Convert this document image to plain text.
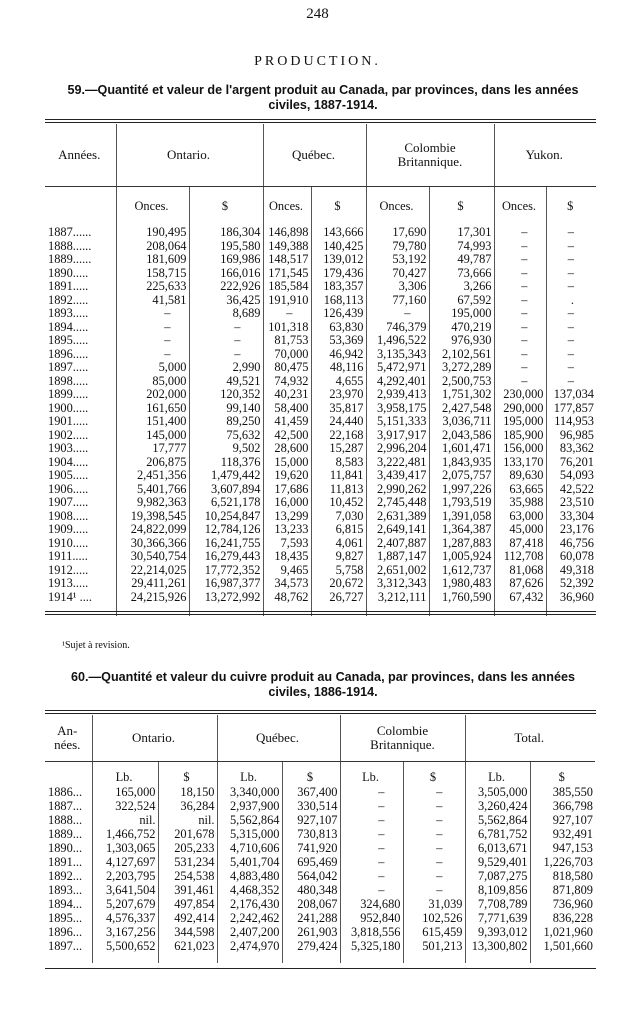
248
PRODUCTION.
59.—Quantité et valeur de l'argent produit au Canada, par provinces, dans les années civiles, 1887-1914.
Années.	Ontario.		Québec.		Colombie Britannique.		Yukon.	
	Onces.	$	Onces.	$	Onces.	$	Onces.	$
1887......	190,495	186,304	146,898	143,666	17,690	17,301	–	–
1888......	208,064	195,580	149,388	140,425	79,780	74,993	–	–
1889......	181,609	169,986	148,517	139,012	53,192	49,787	–	–
1890.....	158,715	166,016	171,545	179,436	70,427	73,666	–	–
1891.....	225,633	222,926	185,584	183,357	3,306	3,266	–	–
1892.....	41,581	36,425	191,910	168,113	77,160	67,592	–	.
1893.....	–	8,689	–	126,439	–	195,000	–	–
1894.....	–	–	101,318	63,830	746,379	470,219	–	–
1895.....	–	–	81,753	53,369	1,496,522	976,930	–	–
1896.....	–	–	70,000	46,942	3,135,343	2,102,561	–	–
1897.....	5,000	2,990	80,475	48,116	5,472,971	3,272,289	–	–
1898.....	85,000	49,521	74,932	4,655	4,292,401	2,500,753	–	–
1899.....	202,000	120,352	40,231	23,970	2,939,413	1,751,302	230,000	137,034
1900.....	161,650	99,140	58,400	35,817	3,958,175	2,427,548	290,000	177,857
1901.....	151,400	89,250	41,459	24,440	5,151,333	3,036,711	195,000	114,953
1902.....	145,000	75,632	42,500	22,168	3,917,917	2,043,586	185,900	96,985
1903.....	17,777	9,502	28,600	15,287	2,996,204	1,601,471	156,000	83,362
1904.....	206,875	118,376	15,000	8,583	3,222,481	1,843,935	133,170	76,201
1905.....	2,451,356	1,479,442	19,620	11,841	3,439,417	2,075,757	89,630	54,093
1906.....	5,401,766	3,607,894	17,686	11,813	2,990,262	1,997,226	63,665	42,522
1907.....	9,982,363	6,521,178	16,000	10,452	2,745,448	1,793,519	35,988	23,510
1908.....	19,398,545	10,254,847	13,299	7,030	2,631,389	1,391,058	63,000	33,304
1909.....	24,822,099	12,784,126	13,233	6,815	2,649,141	1,364,387	45,000	23,176
1910.....	30,366,366	16,241,755	7,593	4,061	2,407,887	1,287,883	87,418	46,756
1911.....	30,540,754	16,279,443	18,435	9,827	1,887,147	1,005,924	112,708	60,078
1912.....	22,214,025	17,772,352	9,465	5,758	2,651,002	1,612,737	81,068	49,318
1913.....	29,411,261	16,987,377	34,573	20,672	3,312,343	1,980,483	87,626	52,392
1914¹ ....	24,215,926	13,272,992	48,762	26,727	3,212,111	1,760,590	67,432	36,960

¹Sujet à revision.
60.—Quantité et valeur du cuivre produit au Canada, par provinces, dans les années civiles, 1886-1914.
An-nées.	Ontario.		Québec.		Colombie Britannique.		Total.	
	Lb.	$	Lb.	$	Lb.	$	Lb.	$
1886...	165,000	18,150	3,340,000	367,400	–	–	3,505,000	385,550
1887...	322,524	36,284	2,937,900	330,514	–	–	3,260,424	366,798
1888...	nil.	nil.	5,562,864	927,107	–	–	5,562,864	927,107
1889...	1,466,752	201,678	5,315,000	730,813	–	–	6,781,752	932,491
1890...	1,303,065	205,233	4,710,606	741,920	–	–	6,013,671	947,153
1891...	4,127,697	531,234	5,401,704	695,469	–	–	9,529,401	1,226,703
1892...	2,203,795	254,538	4,883,480	564,042	–	–	7,087,275	818,580
1893...	3,641,504	391,461	4,468,352	480,348	–	–	8,109,856	871,809
1894...	5,207,679	497,854	2,176,430	208,067	324,680	31,039	7,708,789	736,960
1895...	4,576,337	492,414	2,242,462	241,288	952,840	102,526	7,771,639	836,228
1896...	3,167,256	344,598	2,407,200	261,903	3,818,556	615,459	9,393,012	1,021,960
1897...	5,500,652	621,023	2,474,970	279,424	5,325,180	501,213	13,300,802	1,501,660
